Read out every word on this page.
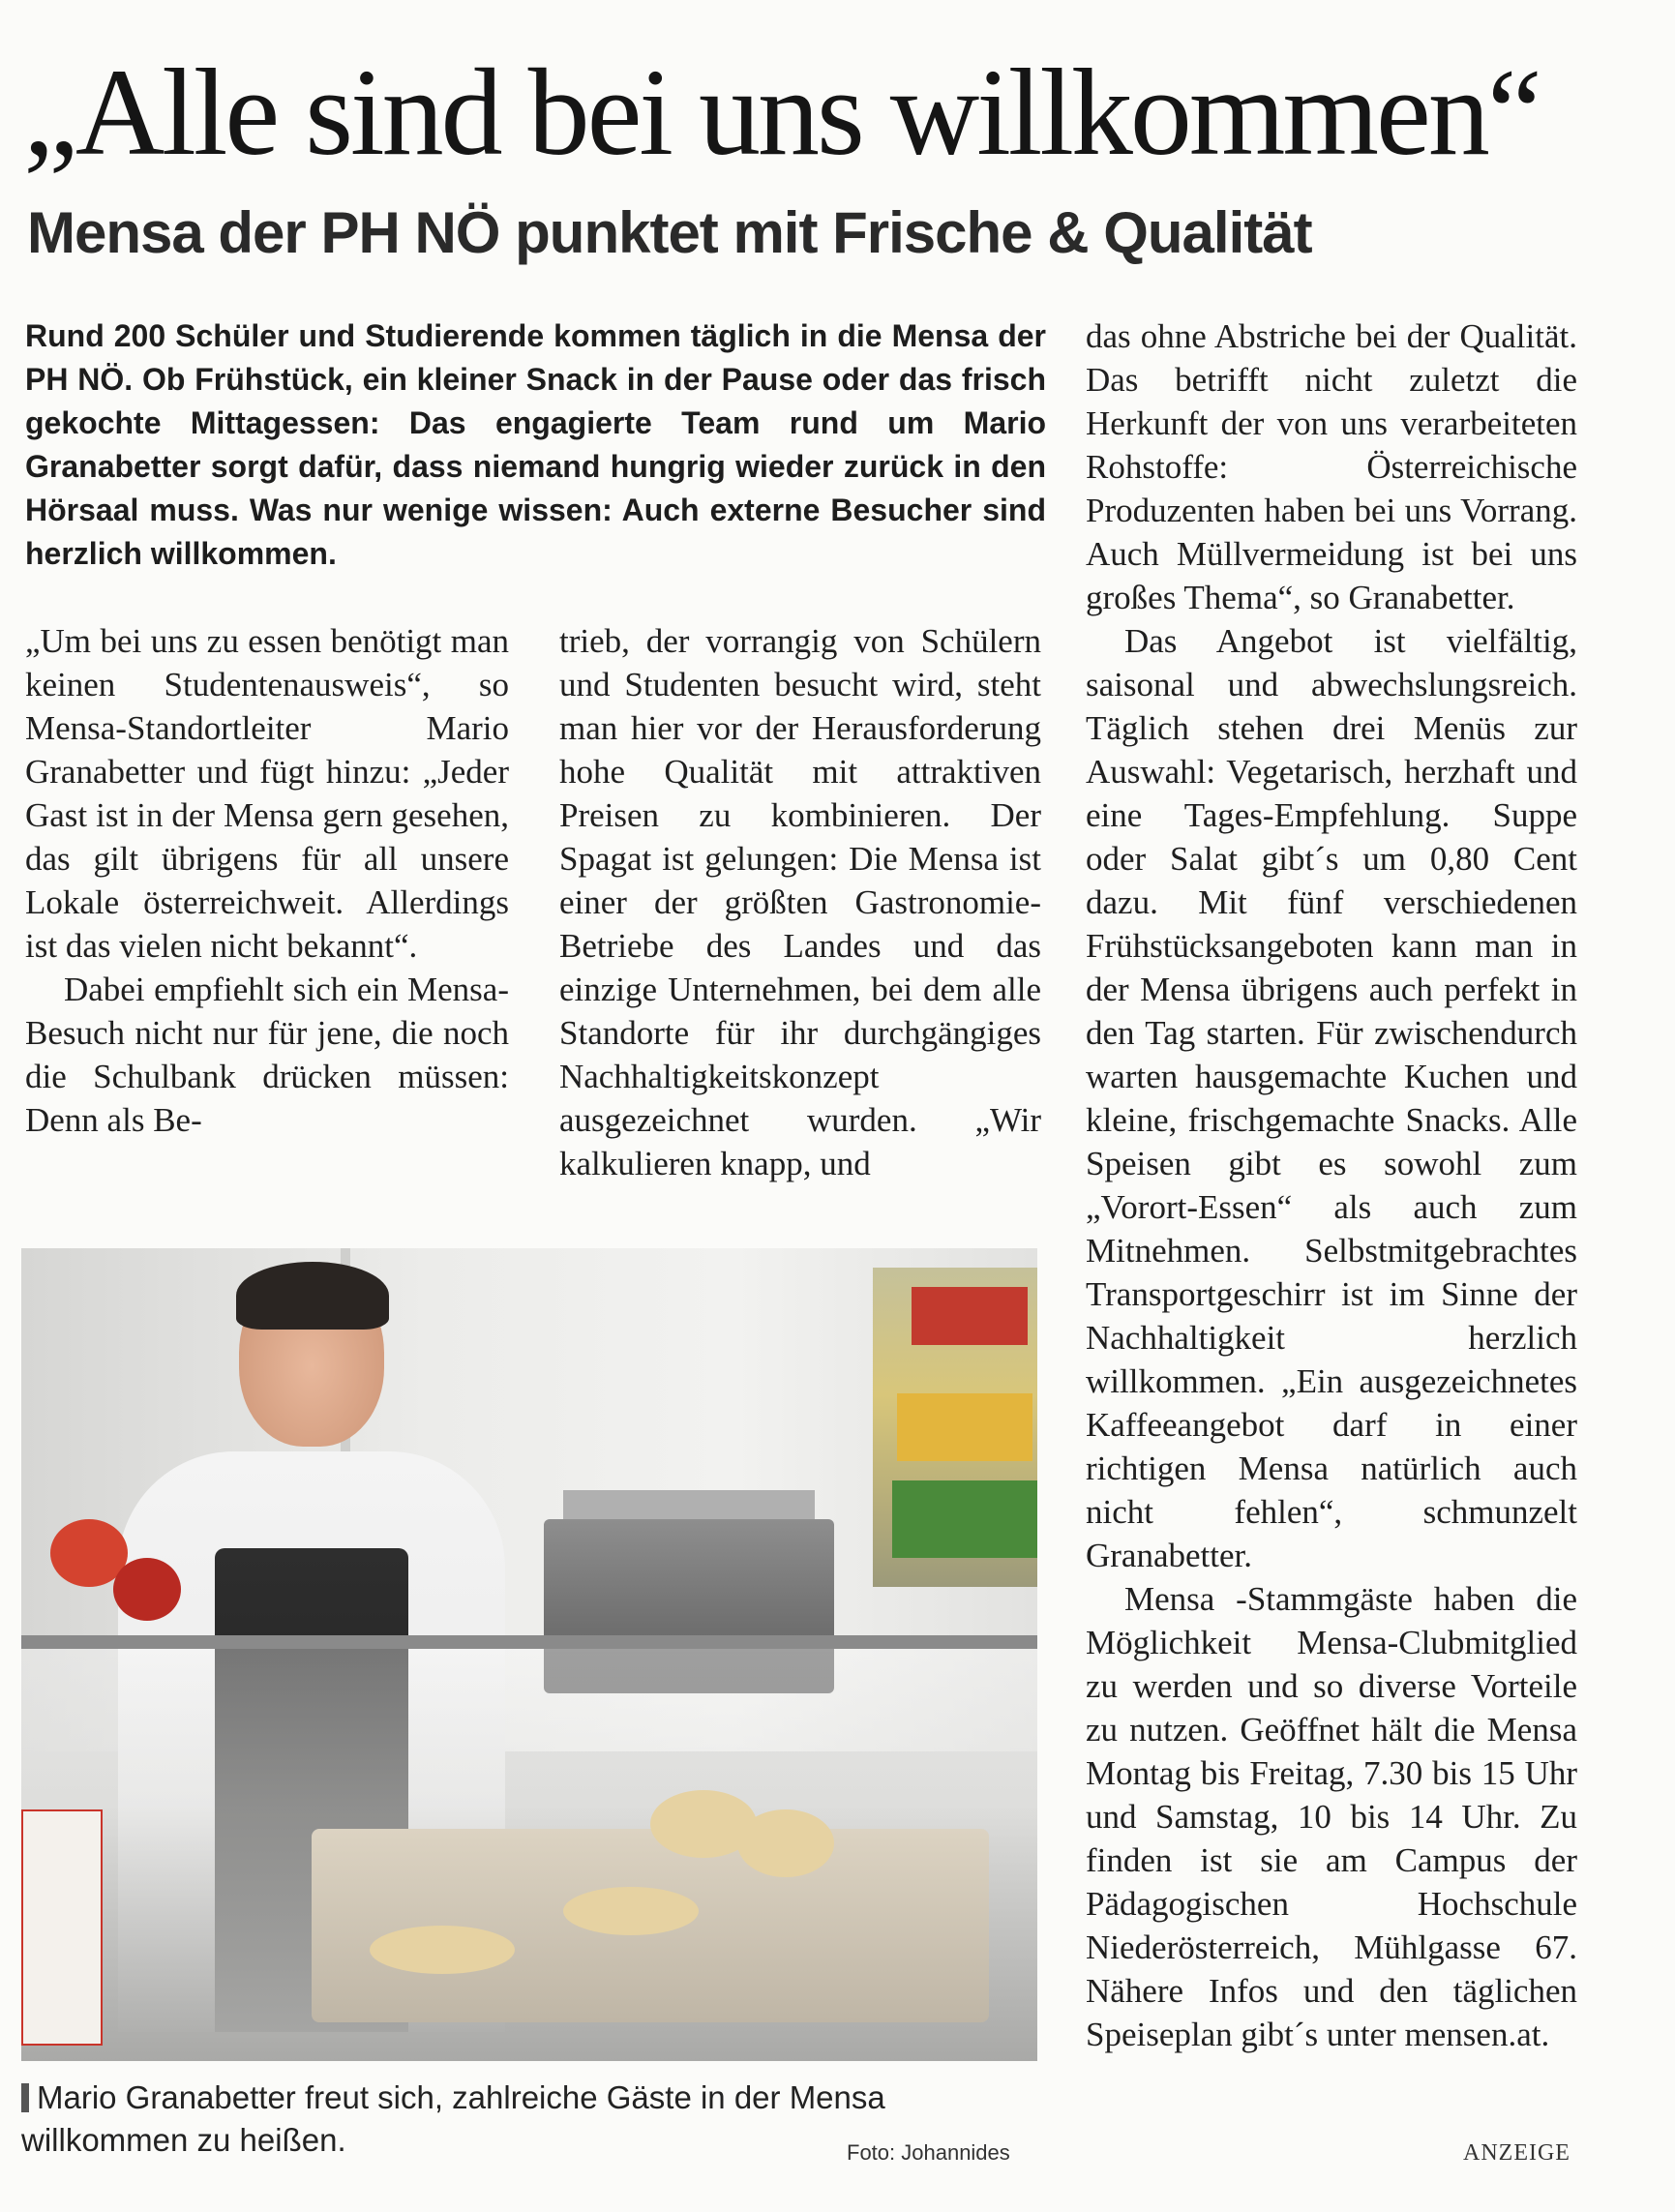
„Alle sind bei uns willkommen“
Mensa der PH NÖ punktet mit Frische & Qualität

Rund 200 Schüler und Studierende kommen täglich in die Mensa der PH NÖ. Ob Frühstück, ein kleiner Snack in der Pause oder das frisch gekochte Mittagessen: Das engagierte Team rund um Mario Granabetter sorgt dafür, dass niemand hungrig wieder zurück in den Hörsaal muss. Was nur wenige wissen: Auch externe Besucher sind herzlich willkommen.

„Um bei uns zu essen benötigt man keinen Studentenausweis“, so Mensa-Standortleiter Mario Granabetter und fügt hinzu: „Jeder Gast ist in der Mensa gern gesehen, das gilt übrigens für all unsere Lokale österreichweit. Allerdings ist das vielen nicht bekannt“.

Dabei empfiehlt sich ein Mensa-Besuch nicht nur für jene, die noch die Schulbank drücken müssen: Denn als Be-

trieb, der vorrangig von Schülern und Studenten besucht wird, steht man hier vor der Herausforderung hohe Qualität mit attraktiven Preisen zu kombinieren. Der Spagat ist gelungen: Die Mensa ist einer der größten Gastronomie-Betriebe des Landes und das einzige Unternehmen, bei dem alle Standorte für ihr durchgängiges Nachhaltigkeitskonzept ausgezeichnet wurden. „Wir kalkulieren knapp, und

das ohne Abstriche bei der Qualität. Das betrifft nicht zuletzt die Herkunft der von uns verarbeiteten Rohstoffe: Österreichische Produzenten haben bei uns Vorrang. Auch Müllvermeidung ist bei uns großes Thema“, so Granabetter.

Das Angebot ist vielfältig, saisonal und abwechslungsreich. Täglich stehen drei Menüs zur Auswahl: Vegetarisch, herzhaft und eine Tages-Empfehlung. Suppe oder Salat gibt´s um 0,80 Cent dazu. Mit fünf verschiedenen Frühstücksangeboten kann man in der Mensa übrigens auch perfekt in den Tag starten. Für zwischendurch warten hausgemachte Kuchen und kleine, frischgemachte Snacks. Alle Speisen gibt es sowohl zum „Vorort-Essen“ als auch zum Mitnehmen. Selbstmitgebrachtes Transportgeschirr ist im Sinne der Nachhaltigkeit herzlich willkommen. „Ein ausgezeichnetes Kaffeeangebot darf in einer richtigen Mensa natürlich auch nicht fehlen“, schmunzelt Granabetter.

Mensa -Stammgäste haben die Möglichkeit Mensa-Clubmitglied zu werden und so diverse Vorteile zu nutzen. Geöffnet hält die Mensa Montag bis Freitag, 7.30 bis 15 Uhr und Samstag, 10 bis 14 Uhr. Zu finden ist sie am Campus der Pädagogischen Hochschule Niederösterreich, Mühlgasse 67. Nähere Infos und den täglichen Speiseplan gibt´s unter mensen.at.

Mario Granabetter freut sich, zahlreiche Gäste in der Mensa willkommen zu heißen.	Foto: Johannides	ANZEIGE
